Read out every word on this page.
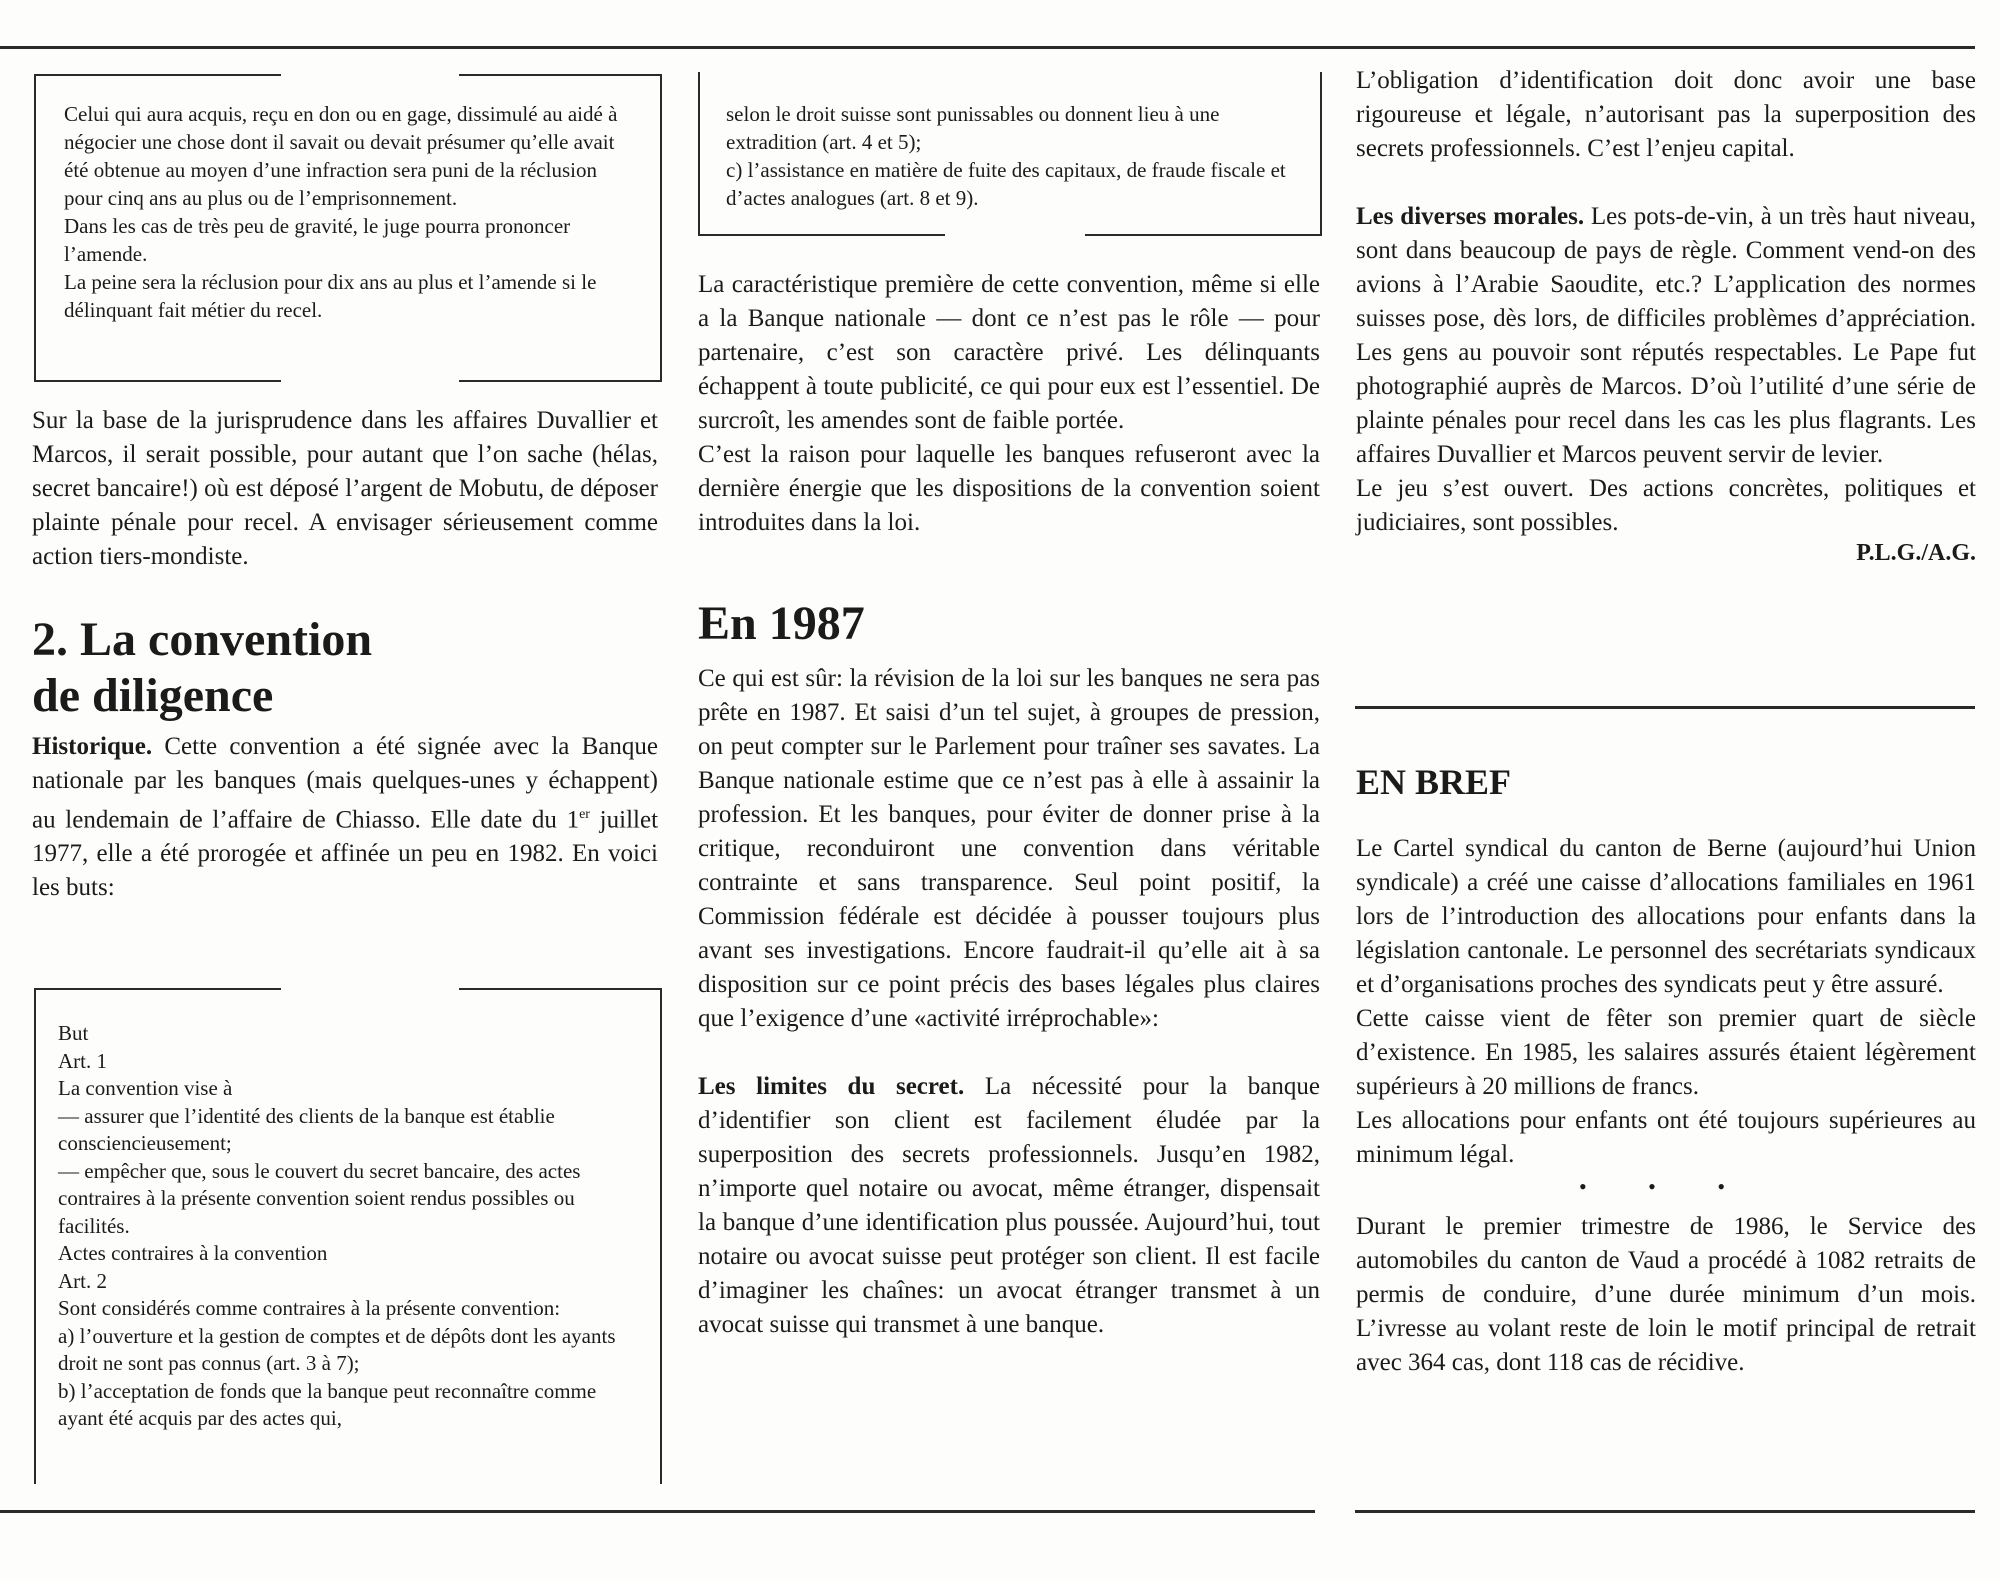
Celui qui aura acquis, reçu en don ou en gage, dissimulé au aidé à négocier une chose dont il savait ou devait présumer qu’elle avait été obtenue au moyen d’une infraction sera puni de la réclusion pour cinq ans au plus ou de l’emprisonnement.

Dans les cas de très peu de gravité, le juge pourra prononcer l’amende.

La peine sera la réclusion pour dix ans au plus et l’amende si le délinquant fait métier du recel.

Sur la base de la jurisprudence dans les affaires Duvallier et Marcos, il serait possible, pour autant que l’on sache (hélas, secret bancaire!) où est déposé l’argent de Mobutu, de déposer plainte pénale pour recel. A envisager sérieusement comme action tiers-mondiste.

2. La convention
de diligence

Historique. Cette convention a été signée avec la Banque nationale par les banques (mais quelques-unes y échappent) au lendemain de l’affaire de Chiasso. Elle date du 1er juillet 1977, elle a été prorogée et affinée un peu en 1982. En voici les buts:

But

Art. 1

La convention vise à

— assurer que l’identité des clients de la banque est établie consciencieusement;

— empêcher que, sous le couvert du secret bancaire, des actes contraires à la présente convention soient rendus possibles ou facilités.

Actes contraires à la convention

Art. 2

Sont considérés comme contraires à la présente convention:

a) l’ouverture et la gestion de comptes et de dépôts dont les ayants droit ne sont pas connus (art. 3 à 7);

b) l’acceptation de fonds que la banque peut reconnaître comme ayant été acquis par des actes qui,

selon le droit suisse sont punissables ou donnent lieu à une extradition (art. 4 et 5);

c) l’assistance en matière de fuite des capitaux, de fraude fiscale et d’actes analogues (art. 8 et 9).

La caractéristique première de cette convention, même si elle a la Banque nationale — dont ce n’est pas le rôle — pour partenaire, c’est son caractère privé. Les délinquants échappent à toute publicité, ce qui pour eux est l’essentiel. De surcroît, les amendes sont de faible portée.

C’est la raison pour laquelle les banques refuseront avec la dernière énergie que les dispositions de la convention soient introduites dans la loi.

En 1987

Ce qui est sûr: la révision de la loi sur les banques ne sera pas prête en 1987. Et saisi d’un tel sujet, à groupes de pression, on peut compter sur le Parlement pour traîner ses savates. La Banque nationale estime que ce n’est pas à elle à assainir la profession. Et les banques, pour éviter de donner prise à la critique, reconduiront une convention dans véritable contrainte et sans transparence. Seul point positif, la Commission fédérale est décidée à pousser toujours plus avant ses investigations. Encore faudrait-il qu’elle ait à sa disposition sur ce point précis des bases légales plus claires que l’exigence d’une «activité irréprochable»:

Les limites du secret. La nécessité pour la banque d’identifier son client est facilement éludée par la superposition des secrets professionnels. Jusqu’en 1982, n’importe quel notaire ou avocat, même étranger, dispensait la banque d’une identification plus poussée. Aujourd’hui, tout notaire ou avocat suisse peut protéger son client. Il est facile d’imaginer les chaînes: un avocat étranger transmet à un avocat suisse qui transmet à une banque.

L’obligation d’identification doit donc avoir une base rigoureuse et légale, n’autorisant pas la superposition des secrets professionnels. C’est l’enjeu capital.

Les diverses morales. Les pots-de-vin, à un très haut niveau, sont dans beaucoup de pays de règle. Comment vend-on des avions à l’Arabie Saoudite, etc.? L’application des normes suisses pose, dès lors, de difficiles problèmes d’appréciation. Les gens au pouvoir sont réputés respectables. Le Pape fut photographié auprès de Marcos. D’où l’utilité d’une série de plainte pénales pour recel dans les cas les plus flagrants. Les affaires Duvallier et Marcos peuvent servir de levier.

Le jeu s’est ouvert. Des actions concrètes, politiques et judiciaires, sont possibles.

P.L.G./A.G.

EN BREF

Le Cartel syndical du canton de Berne (aujourd’hui Union syndicale) a créé une caisse d’allocations familiales en 1961 lors de l’introduction des allocations pour enfants dans la législation cantonale. Le personnel des secrétariats syndicaux et d’organisations proches des syndicats peut y être assuré.

Cette caisse vient de fêter son premier quart de siècle d’existence. En 1985, les salaires assurés étaient légèrement supérieurs à 20 millions de francs.

Les allocations pour enfants ont été toujours supérieures au minimum légal.

• • •

Durant le premier trimestre de 1986, le Service des automobiles du canton de Vaud a procédé à 1082 retraits de permis de conduire, d’une durée minimum d’un mois. L’ivresse au volant reste de loin le motif principal de retrait avec 364 cas, dont 118 cas de récidive.
